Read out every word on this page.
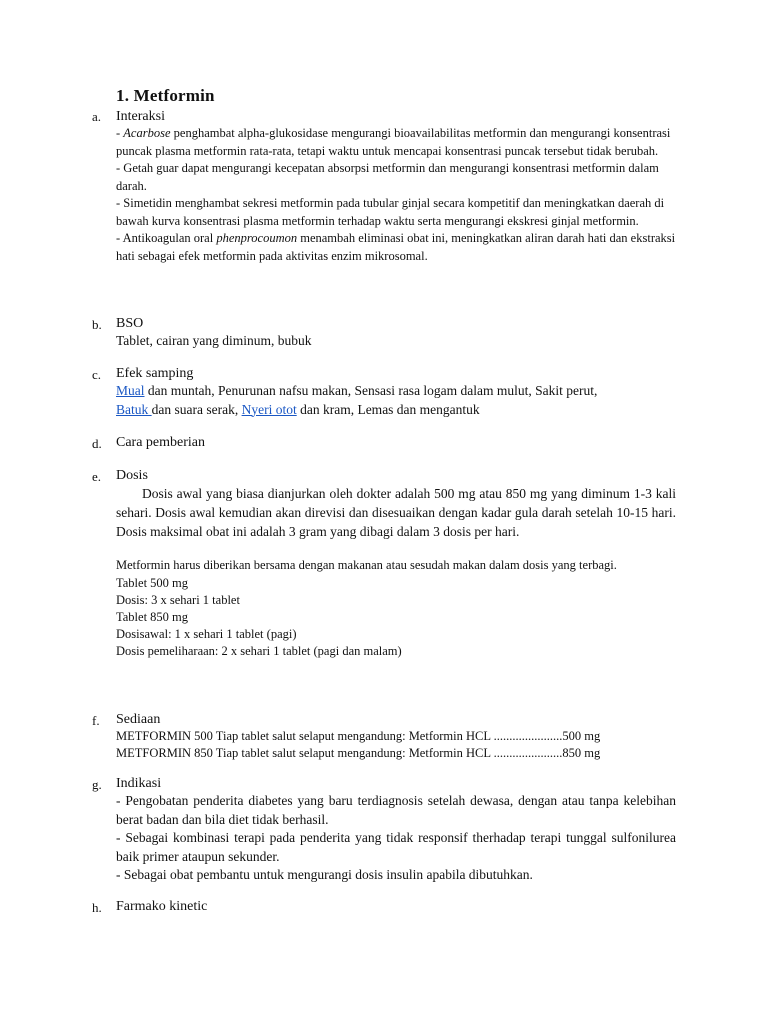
1. Metformin
a. Interaksi
- Acarbose penghambat alpha-glukosidase mengurangi bioavailabilitas metformin dan mengurangi konsentrasi puncak plasma metformin rata-rata, tetapi waktu untuk mencapai konsentrasi puncak tersebut tidak berubah.
- Getah guar dapat mengurangi kecepatan absorpsi metformin dan mengurangi konsentrasi metformin dalam darah.
- Simetidin menghambat sekresi metformin pada tubular ginjal secara kompetitif dan meningkatkan daerah di bawah kurva konsentrasi plasma metformin terhadap waktu serta mengurangi ekskresi ginjal metformin.
- Antikoagulan oral phenprocoumon menambah eliminasi obat ini, meningkatkan aliran darah hati dan ekstraksi hati sebagai efek metformin pada aktivitas enzim mikrosomal.
b. BSO
Tablet, cairan yang diminum, bubuk
c. Efek samping
Mual dan muntah, Penurunan nafsu makan, Sensasi rasa logam dalam mulut, Sakit perut,
Batuk dan suara serak, Nyeri otot dan kram, Lemas dan mengantuk
d. Cara pemberian
e. Dosis
Dosis awal yang biasa dianjurkan oleh dokter adalah 500 mg atau 850 mg yang diminum 1-3 kali sehari. Dosis awal kemudian akan direvisi dan disesuaikan dengan kadar gula darah setelah 10-15 hari. Dosis maksimal obat ini adalah 3 gram yang dibagi dalam 3 dosis per hari.
Metformin harus diberikan bersama dengan makanan atau sesudah makan dalam dosis yang terbagi.
Tablet 500 mg
Dosis: 3 x sehari 1 tablet
Tablet 850 mg
Dosisawal: 1 x sehari 1 tablet (pagi)
Dosis pemeliharaan: 2 x sehari 1 tablet (pagi dan malam)
f. Sediaan
METFORMIN 500 Tiap tablet salut selaput mengandung: Metformin HCL ......................500 mg
METFORMIN 850 Tiap tablet salut selaput mengandung: Metformin HCL ......................850 mg
g. Indikasi
- Pengobatan penderita diabetes yang baru terdiagnosis setelah dewasa, dengan atau tanpa kelebihan berat badan dan bila diet tidak berhasil.
- Sebagai kombinasi terapi pada penderita yang tidak responsif therhadap terapi tunggal sulfonilurea baik primer ataupun sekunder.
- Sebagai obat pembantu untuk mengurangi dosis insulin apabila dibutuhkan.
h. Farmako kinetic
